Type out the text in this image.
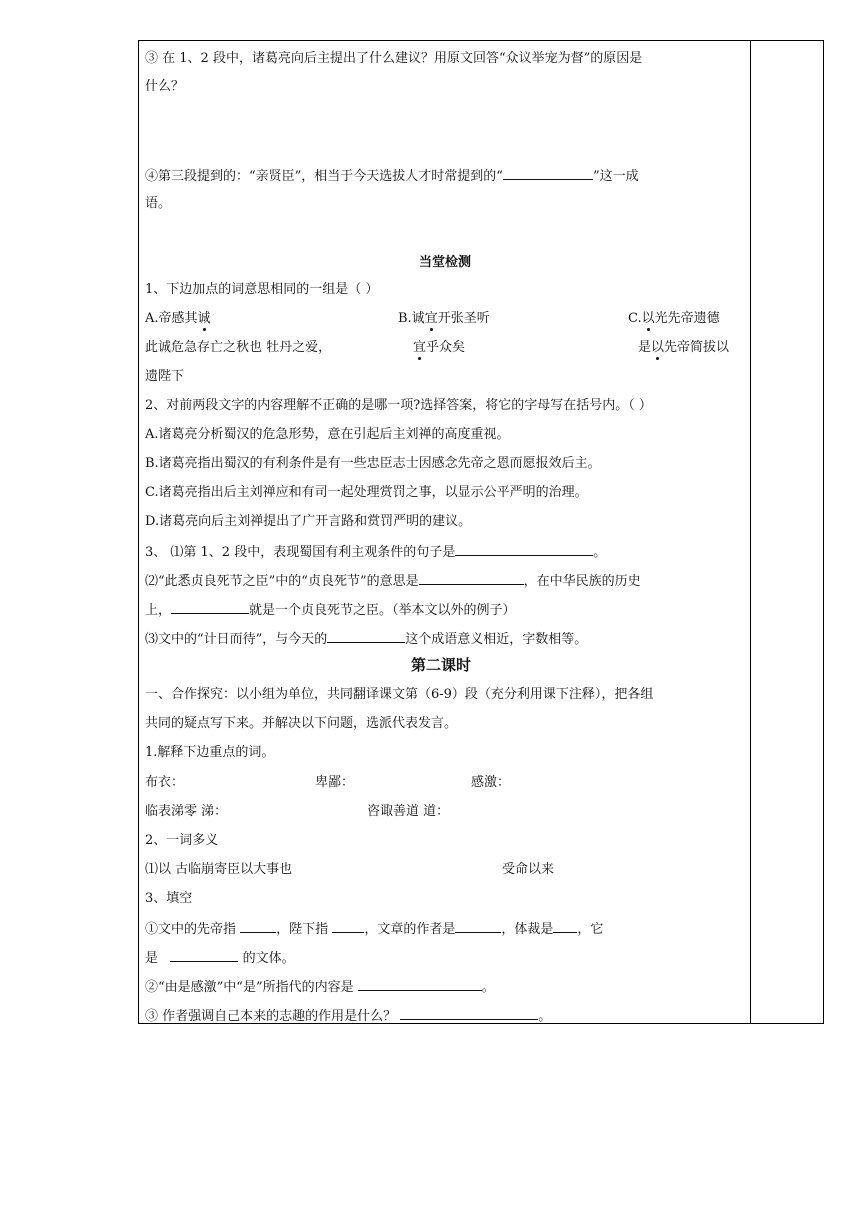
③ 在 1、2 段中，诸葛亮向后主提出了什么建议？用原文回答“众议举宠为督”的原因是
什么？
④第三段提到的：“亲贤臣”，相当于今天选拔人才时常提到的“	”这一成
语。
当堂检测
1、下边加点的词意思相同的一组是（ ）
A.帝感其诚	B.诚宜开张圣听	C.以光先帝遗德
此诚危急存亡之秋也 牡丹之爱，	宜乎众矣	是以先帝简拔以
遗陛下
2、对前两段文字的内容理解不正确的是哪一项?选择答案，将它的字母写在括号内。（ ）
A.诸葛亮分析蜀汉的危急形势，意在引起后主刘禅的高度重视。
B.诸葛亮指出蜀汉的有利条件是有一些忠臣志士因感念先帝之恩而愿报效后主。
C.诸葛亮指出后主刘禅应和有司一起处理赏罚之事，以显示公平严明的治理。
D.诸葛亮向后主刘禅提出了广开言路和赏罚严明的建议。
3、 ⑴第 1、2 段中，表现蜀国有利主观条件的句子是	。
⑵“此悉贞良死节之臣”中的“贞良死节”的意思是	，在中华民族的历史
上，	就是一个贞良死节之臣。（举本文以外的例子）
⑶文中的“计日而待”，与今天的	这个成语意义相近，字数相等。
第二课时
一、合作探究：以小组为单位，共同翻译课文第（6-9）段（充分利用课下注释），把各组
共同的疑点写下来。并解决以下问题，选派代表发言。
1.解释下边重点的词。
布衣：	卑鄙：	感激：
临表涕零 涕：	咨诹善道 道：
2、一词多义
⑴以 古临崩寄臣以大事也	受命以来
3、填空
①文中的先帝指	，陛下指	，文章的作者是	，体裁是 ，它
是	的文体。
②“由是感激”中“是”所指代的内容是	。
③ 作者强调自己本来的志趣的作用是什么？	。
